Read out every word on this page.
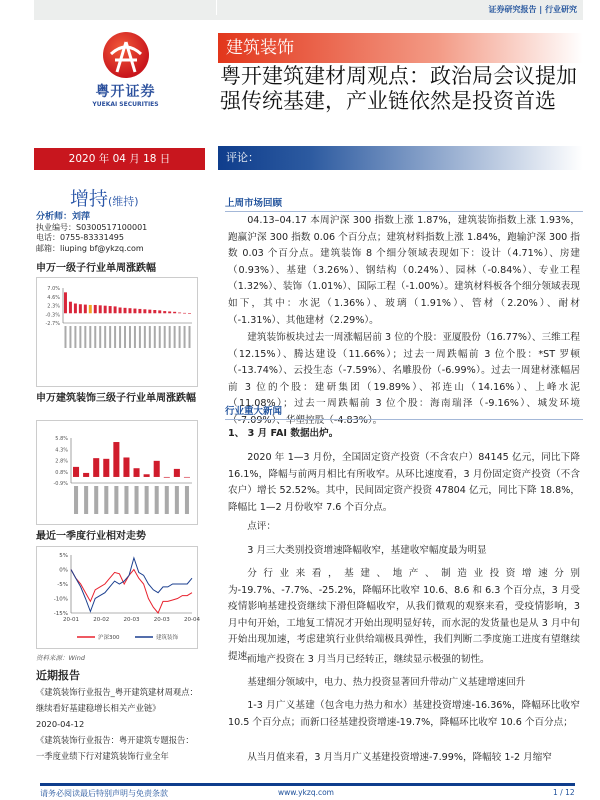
证券研究报告 | 行业研究
粤开证券
YUEKAI SECURITIES
建筑装饰
粤开建筑建材周观点：政治局会议提加强传统基建，产业链依然是投资首选
2020 年 04 月 18 日	评论：
增持(维持)
分析师：刘萍
执业编号：S0300517100001
电话：0755-83331495
邮箱：liuping bf@ykzq.com
申万一级子行业单周涨跌幅
7.0%
4.6%
2.3%
-0.3%
-2.7%
申万建筑装饰三级子行业单周涨跌幅
5.8%
4.3%
2.8%
0.8%
-0.9%
最近一季度行业相对走势
5%
0%
-5%
-10%
-15%
20-01	20-02	20-03	20-03	20-04
沪深300	建筑装饰
资料来源：Wind
近期报告
《建筑装饰行业报告_粤开建筑建材周观点：继续看好基建稳增长相关产业链》
2020-04-12
《建筑装饰行业报告：粤开建筑专题报告：一季度业绩下行对建筑装饰行业全年
上周市场回顾
04.13–04.17 本周沪深 300 指数上涨 1.87%，建筑装饰指数上涨 1.93%，跑赢沪深 300 指数 0.06 个百分点；建筑材料指数上涨 1.84%，跑输沪深 300 指数 0.03 个百分点。建筑装饰 8 个细分领域表现如下：设计（4.71%）、房建（0.93%）、基建（3.26%）、钢结构（0.24%）、园林（-0.84%）、专业工程（1.32%）、装饰（1.01%）、国际工程（-1.00%）。建筑材料板各个细分领域表现如下，其中：水泥（1.36%）、玻璃（1.91%）、管材（2.20%）、耐材（-1.31%）、其他建材（2.29%）。
建筑装饰板块过去一周涨幅居前 3 位的个股：亚厦股份（16.77%）、三维工程（12.15%）、腾达建设（11.66%）；过去一周跌幅前 3 位个股：*ST 罗顿（-13.74%）、云投生态（-7.59%）、名雕股份（-6.99%）。过去一周建材涨幅居前 3 位的个股：建研集团（19.89%）、祁连山（14.16%）、上峰水泥（11.08%）；过去一周跌幅前 3 位个股：海南瑞泽（-9.16%）、城发环境（-7.09%）、华塑控股（-4.83%）。
行业重大新闻
1、 3 月 FAI 数据出炉。
2020 年 1—3 月份，全国固定资产投资（不含农户）84145 亿元，同比下降 16.1%，降幅与前两月相比有所收窄。从环比速度看，3 月份固定资产投资（不含农户）增长 52.52%。其中，民间固定资产投资 47804 亿元，同比下降 18.8%，降幅比 1—2 月份收窄 7.6 个百分点。
点评：
3 月三大类别投资增速降幅收窄，基建收窄幅度最为明显
分行业来看，基建、地产、制造业投资增速分别为-19.7%、-7.7%、-25.2%，降幅环比收窄 10.6、8.6 和 6.3 个百分点，3 月受疫情影响基建投资继续下滑但降幅收窄，从我们微观的观察来看，受疫情影响，3 月中旬开始，工地复工情况才开始出现明显好转，而水泥的发货量也是从 3 月中旬开始出现加速，考虑建筑行业供给端极具弹性，我们判断二季度施工进度有望继续提速。
而地产投资在 3 月当月已经转正，继续显示极强的韧性。
基建细分领域中，电力、热力投资显著回升带动广义基建增速回升
1-3 月广义基建（包含电力热力和水）基建投资增速-16.36%，降幅环比收窄 10.5 个百分点；而新口径基建投资增速-19.7%，降幅环比收窄 10.6 个百分点；
从当月值来看，3 月当月广义基建投资增速-7.99%，降幅较 1-2 月缩窄
请务必阅读最后特别声明与免责条款	www.ykzq.com	1 / 12
